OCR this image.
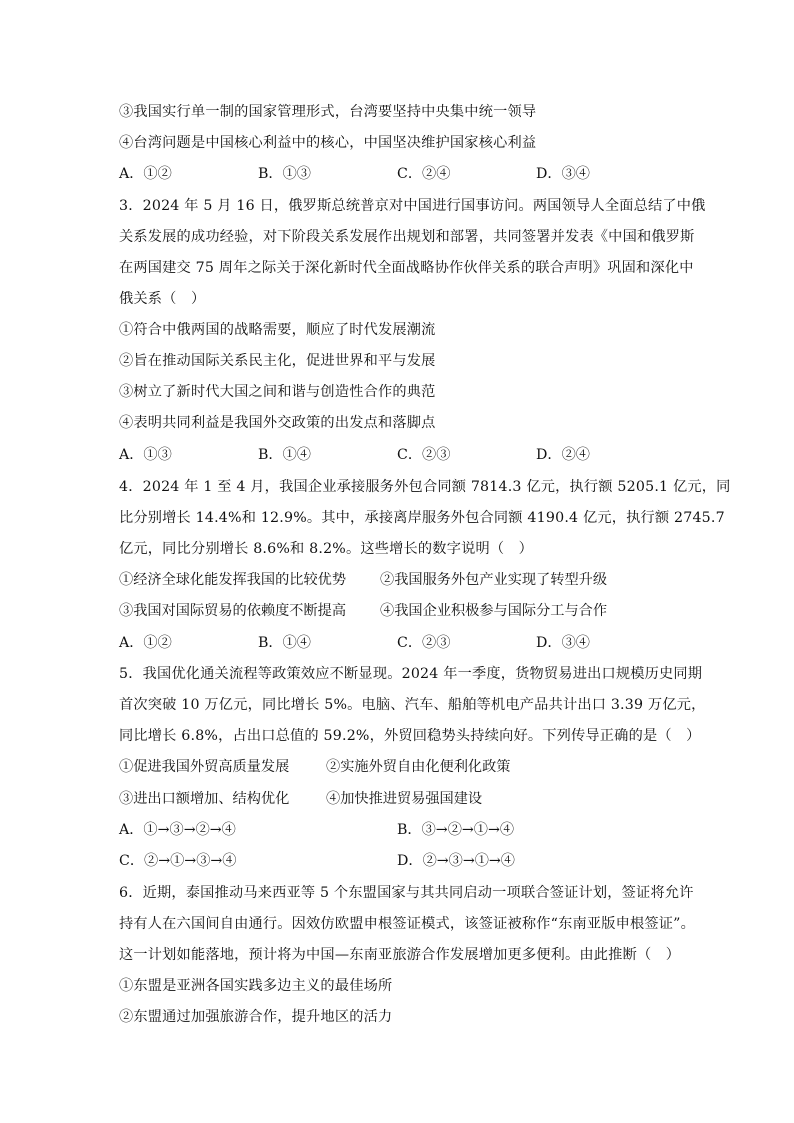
③我国实行单一制的国家管理形式，台湾要坚持中央集中统一领导
④台湾问题是中国核心利益中的核心，中国坚决维护国家核心利益
A．①②	B．①③	C．②④	D．③④
3．2024 年 5 月 16 日，俄罗斯总统普京对中国进行国事访问。两国领导人全面总结了中俄
关系发展的成功经验，对下阶段关系发展作出规划和部署，共同签署并发表《中国和俄罗斯
在两国建交 75 周年之际关于深化新时代全面战略协作伙伴关系的联合声明》巩固和深化中
俄关系（　）
①符合中俄两国的战略需要，顺应了时代发展潮流
②旨在推动国际关系民主化，促进世界和平与发展
③树立了新时代大国之间和谐与创造性合作的典范
④表明共同利益是我国外交政策的出发点和落脚点
A．①③	B．①④	C．②③	D．②④
4．2024 年 1 至 4 月，我国企业承接服务外包合同额 7814.3 亿元，执行额 5205.1 亿元，同
比分别增长 14.4%和 12.9%。其中，承接离岸服务外包合同额 4190.4 亿元，执行额 2745.7
亿元，同比分别增长 8.6%和 8.2%。这些增长的数字说明（　）
①经济全球化能发挥我国的比较优势 ②我国服务外包产业实现了转型升级
③我国对国际贸易的依赖度不断提高 ④我国企业积极参与国际分工与合作
A．①②	B．①④	C．②③	D．③④
5．我国优化通关流程等政策效应不断显现。2024 年一季度，货物贸易进出口规模历史同期
首次突破 10 万亿元，同比增长 5%。电脑、汽车、船舶等机电产品共计出口 3.39 万亿元，
同比增长 6.8%，占出口总值的 59.2%，外贸回稳势头持续向好。下列传导正确的是（　）
①促进我国外贸高质量发展	②实施外贸自由化便利化政策
③进出口额增加、结构优化	④加快推进贸易强国建设
A．①→③→②→④	B．③→②→①→④
C．②→①→③→④	D．②→③→①→④
6．近期，泰国推动马来西亚等 5 个东盟国家与其共同启动一项联合签证计划，签证将允许
持有人在六国间自由通行。因效仿欧盟申根签证模式，该签证被称作“东南亚版申根签证”。
这一计划如能落地，预计将为中国—东南亚旅游合作发展增加更多便利。由此推断（　）
①东盟是亚洲各国实践多边主义的最佳场所
②东盟通过加强旅游合作，提升地区的活力
